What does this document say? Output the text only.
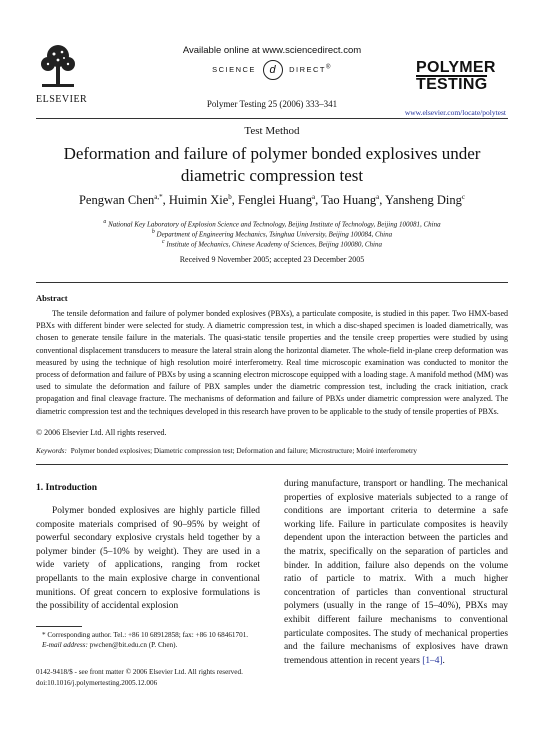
ELSEVIER
Available online at www.sciencedirect.com
SCIENCE d DIRECT®
Polymer Testing 25 (2006) 333–341
POLYMER
TESTING
www.elsevier.com/locate/polytest
Test Method
Deformation and failure of polymer bonded explosives under diametric compression test
Pengwan Chen$^{a,*}$, Huimin Xie$^b$, Fenglei Huang$^a$, Tao Huang$^a$, Yansheng Ding$^c$
$^a$ National Key Laboratory of Explosion Science and Technology, Beijing Institute of Technology, Beijing 100081, China
$^b$ Department of Engineering Mechanics, Tsinghua University, Beijing 100084, China
$^c$ Institute of Mechanics, Chinese Academy of Sciences, Beijing 100080, China
Received 9 November 2005; accepted 23 December 2005
Abstract
The tensile deformation and failure of polymer bonded explosives (PBXs), a particulate composite, is studied in this paper. Two HMX-based PBXs with different binder were selected for study. A diametric compression test, in which a disc-shaped specimen is loaded diametrically, was chosen to generate tensile failure in the materials. The quasi-static tensile properties and the tensile creep properties were studied by using conventional displacement transducers to measure the lateral strain along the horizontal diameter. The whole-field in-plane creep deformation was measured by using the technique of high resolution moiré interferometry. Real time microscopic examination was conducted to monitor the process of deformation and failure of PBXs by using a scanning electron microscope equipped with a loading stage. A manifold method (MM) was used to simulate the deformation and failure of PBX samples under the diametric compression test, including the crack initiation, crack propagation and final cleavage fracture. The mechanisms of deformation and failure of PBXs under diametric compression were analyzed. The diametric compression test and the techniques developed in this research have proven to be applicable to the study of tensile properties of PBXs.
© 2006 Elsevier Ltd. All rights reserved.
Keywords: Polymer bonded explosives; Diametric compression test; Deformation and failure; Microstructure; Moiré interferometry
1. Introduction
Polymer bonded explosives are highly particle filled composite materials comprised of 90–95% by weight of powerful secondary explosive crystals held together by a polymer binder (5–10% by weight). They are used in a wide variety of applications, ranging from rocket propellants to the main explosive charge in conventional munitions. Of great concern to explosive formulations is the possibility of accidental explosion
during manufacture, transport or handling. The mechanical properties of explosive materials subjected to a range of conditions are important criteria to determine a safe working life. Failure in particulate composites is heavily dependent upon the interaction between the particles and the matrix, specifically on the separation of particles and binder. In addition, failure also depends on the volume ratio of particle to matrix. With a much higher concentration of particles than conventional structural polymers (usually in the range of 15–40%), PBXs may exhibit different failure mechanisms to conventional particulate composites. The study of mechanical properties and the failure mechanisms of explosives have drawn tremendous attention in recent years [1–4].
* Corresponding author. Tel.: +86 10 68912858; fax: +86 10 68461701.
E-mail address: pwchen@bit.edu.cn (P. Chen).
0142-9418/$ - see front matter © 2006 Elsevier Ltd. All rights reserved.
doi:10.1016/j.polymertesting.2005.12.006
